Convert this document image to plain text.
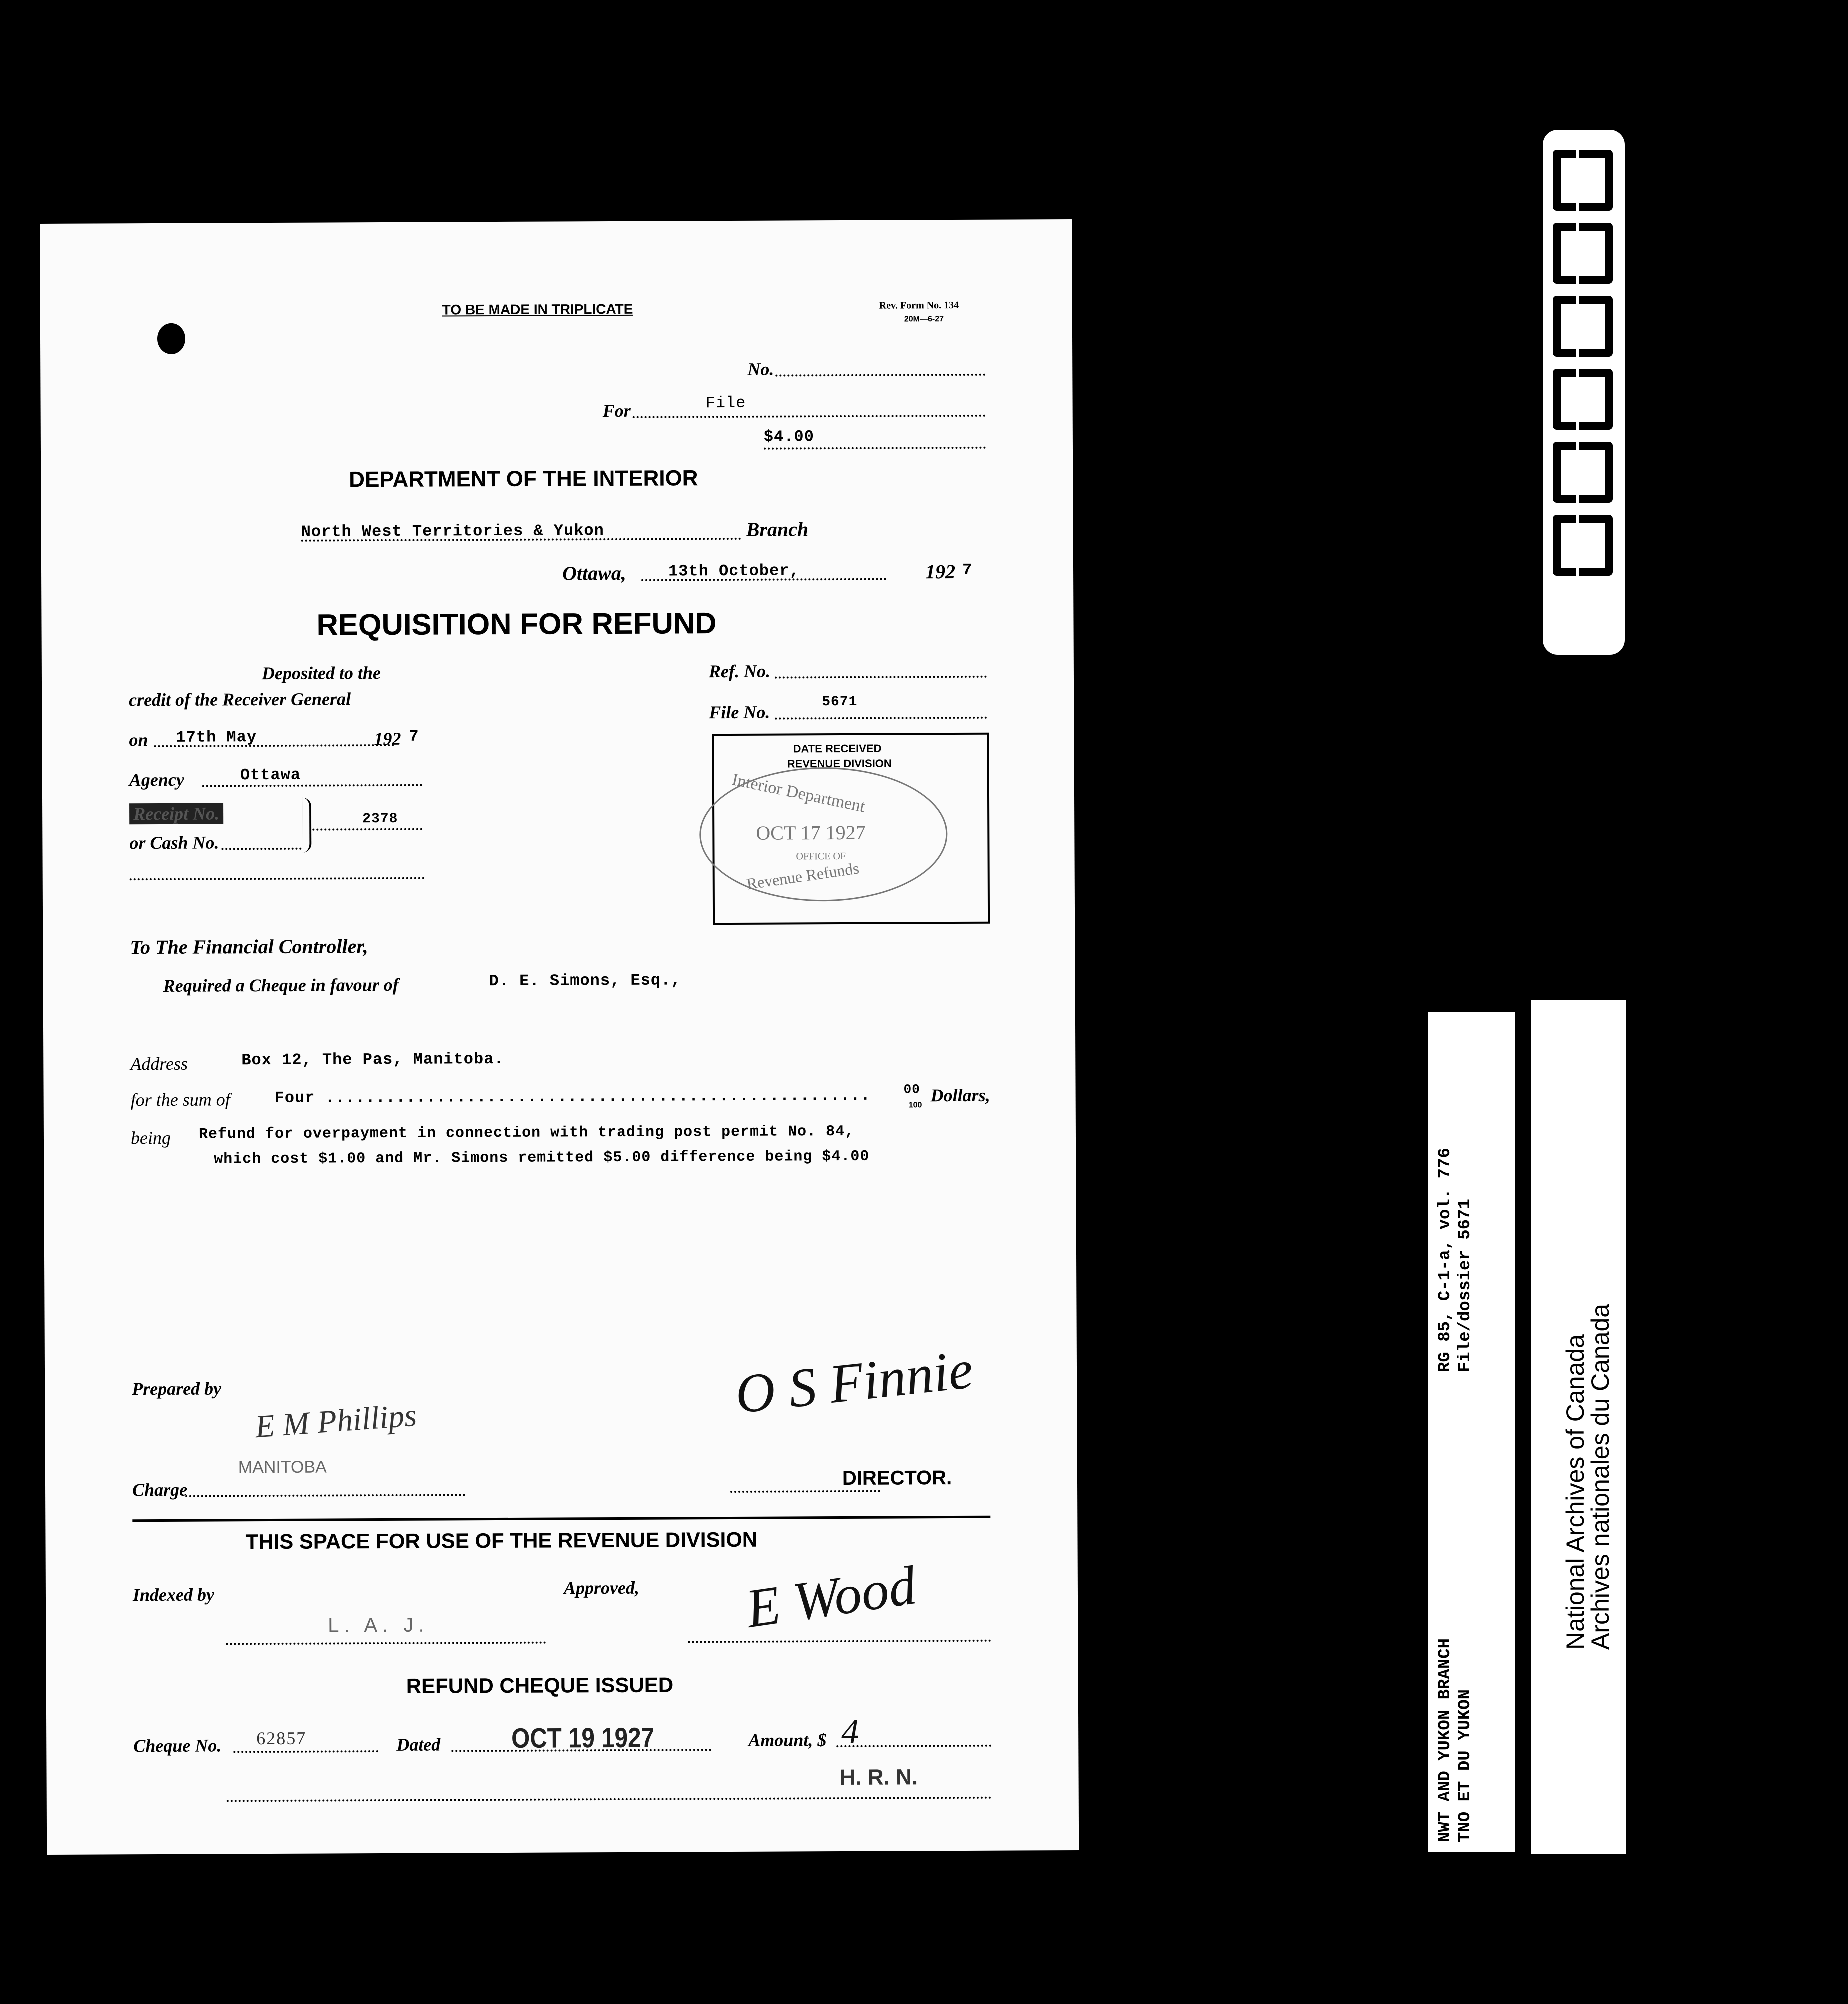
TO BE MADE IN TRIPLICATE	Rev. Form No. 134
20M—6-27
No.
For	File
$4.00
DEPARTMENT OF THE INTERIOR
North West Territories & Yukon	Branch
Ottawa,	13th October,	192 7
REQUISITION FOR REFUND
Deposited to the
credit of the Receiver General
Ref. No.
File No.
5671
on 17th May	192 7
Agency	Ottawa
Receipt No.
or Cash No.
2378
DATE RECEIVED
REVENUE DIVISION
Interior Department
OCT 17 1927
OFFICE OF
Revenue Refunds
To The Financial Controller,
Required a Cheque in favour of	D. E. Simons, Esq.,
Address	Box 12, The Pas, Manitoba.
for the sum of	Four ......................................................	00
100 Dollars,
being Refund for overpayment in connection with trading post permit No. 84,
which cost $1.00 and Mr. Simons remitted $5.00 difference being $4.00
Prepared by
E M Phillips	O S Finnie
Charge
MANITOBA	DIRECTOR.
THIS SPACE FOR USE OF THE REVENUE DIVISION
Indexed by
L. A. J.
Approved, E Wood
REFUND CHEQUE ISSUED
Cheque No. 62857	Dated	OCT 19 1927	Amount, $ 4
H. R. N.
RG 85, C-1-a, vol. 776 File/dossier 5671
NWT AND YUKON BRANCH TNO ET DU YUKON
National Archives of Canada
Archives nationales du Canada
